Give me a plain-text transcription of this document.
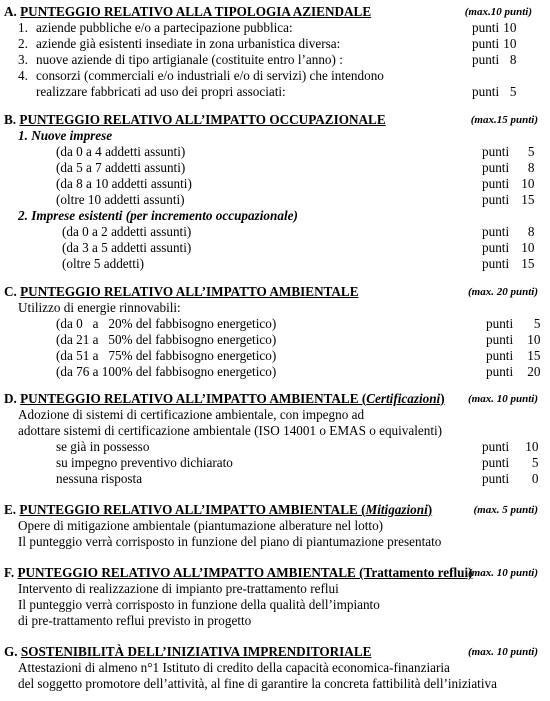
A. PUNTEGGIO RELATIVO ALLA TIPOLOGIA AZIENDALE	(max.10 punti)
1. aziende pubbliche e/o a partecipazione pubblica:	punti 10
2. aziende già esistenti insediate in zona urbanistica diversa:	punti 10
3. nuove aziende di tipo artigianale (costituite entro l’anno) :	punti 8
4. consorzi (commerciali e/o industriali e/o di servizi) che intendono
realizzare fabbricati ad uso dei propri associati:	punti 5
B. PUNTEGGIO RELATIVO ALL’IMPATTO OCCUPAZIONALE	(max.15 punti)
1. Nuove imprese
(da 0 a 4 addetti assunti)	punti 5
(da 5 a 7 addetti assunti)	punti 8
(da 8 a 10 addetti assunti)	punti 10
(oltre 10 addetti assunti)	punti 15
2. Imprese esistenti (per incremento occupazionale)
(da 0 a 2 addetti assunti)	punti 8
(da 3 a 5 addetti assunti)	punti 10
(oltre 5 addetti)	punti 15
C. PUNTEGGIO RELATIVO ALL’IMPATTO AMBIENTALE	(max. 20 punti)
Utilizzo di energie rinnovabili:
(da 0   a   20% del fabbisogno energetico)	punti 5
(da 21 a   50% del fabbisogno energetico)	punti 10
(da 51 a   75% del fabbisogno energetico)	punti 15
(da 76 a 100% del fabbisogno energetico)	punti 20
D. PUNTEGGIO RELATIVO ALL’IMPATTO AMBIENTALE (Certificazioni) (max. 10 punti)
Adozione di sistemi di certificazione ambientale, con impegno ad
adottare sistemi di certificazione ambientale (ISO 14001 o EMAS o equivalenti)
se già in possesso	punti 10
su impegno preventivo dichiarato	punti 5
nessuna risposta	punti 0
E. PUNTEGGIO RELATIVO ALL’IMPATTO AMBIENTALE (Mitigazioni)	(max. 5 punti)
Opere di mitigazione ambientale (piantumazione alberature nel lotto)
Il punteggio verrà corrisposto in funzione del piano di piantumazione presentato
F. PUNTEGGIO RELATIVO ALL’IMPATTO AMBIENTALE (Trattamento reflui)
(max. 10 punti)
Intervento di realizzazione di impianto pre-trattamento reflui
Il punteggio verrà corrisposto in funzione della qualità dell’impianto
di pre-trattamento reflui previsto in progetto
G. SOSTENIBILITÀ DELL’INIZIATIVA IMPRENDITORIALE	(max. 10 punti)
Attestazioni di almeno n°1 Istituto di credito della capacità economica-finanziaria
del soggetto promotore dell’attività, al fine di garantire la concreta fattibilità dell’iniziativa
